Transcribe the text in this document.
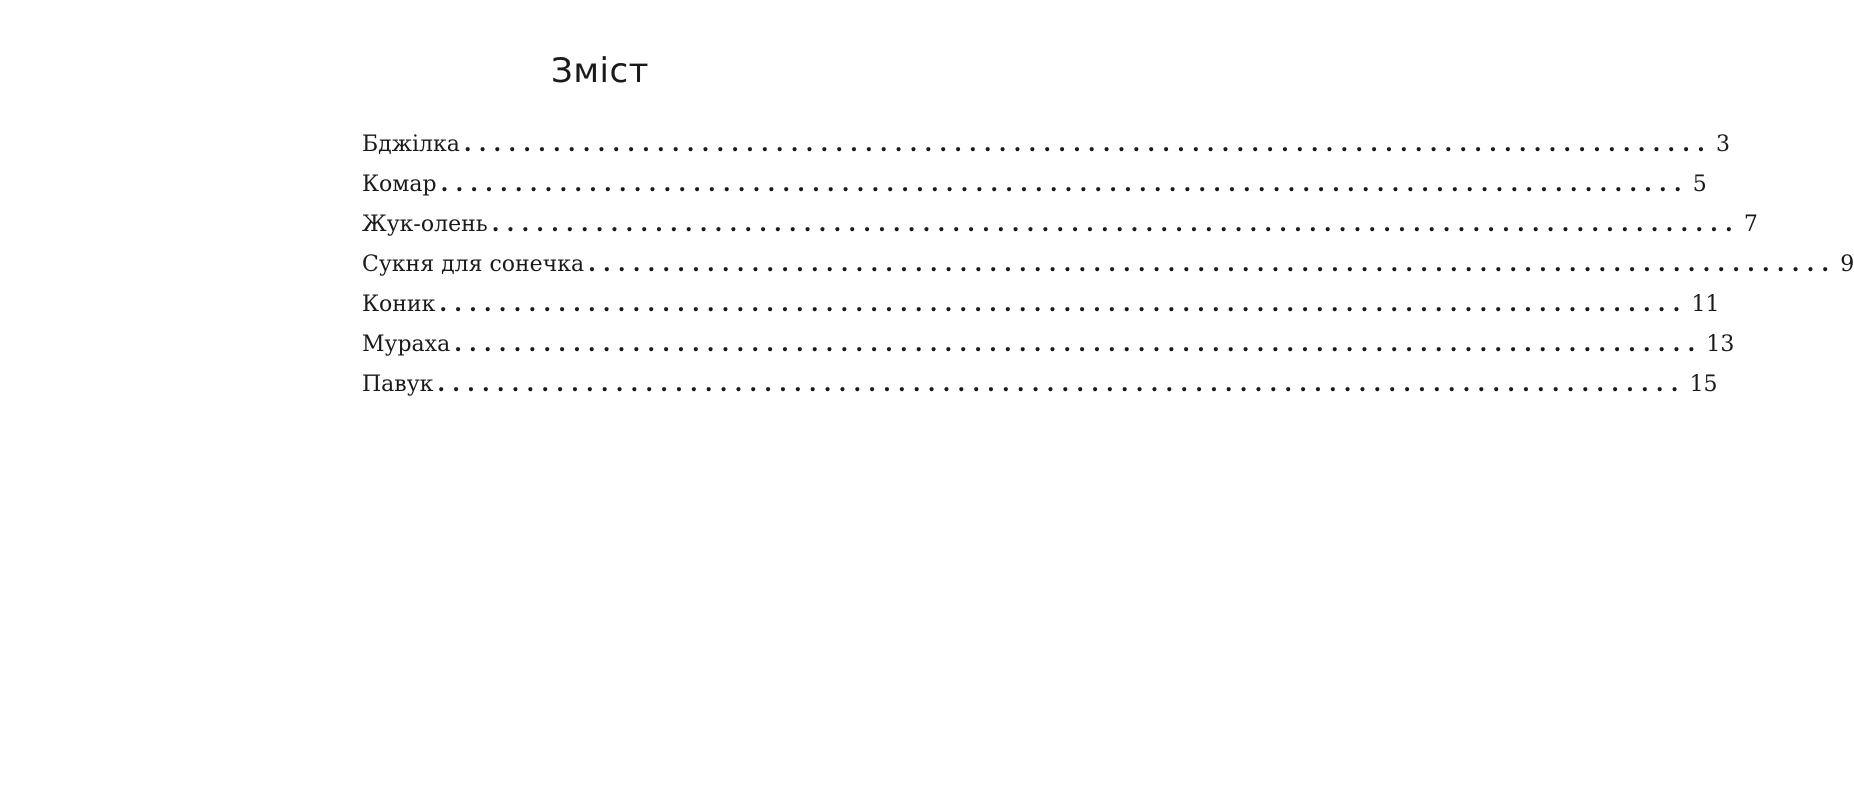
Зміст
Бджілка .................................................................................... 3
Комар .................................................................................... 5
Жук-олень .................................................................................... 7
Сукня для сонечка .................................................................................... 9
Коник .................................................................................... 11
Мураха .................................................................................... 13
Павук .................................................................................... 15
